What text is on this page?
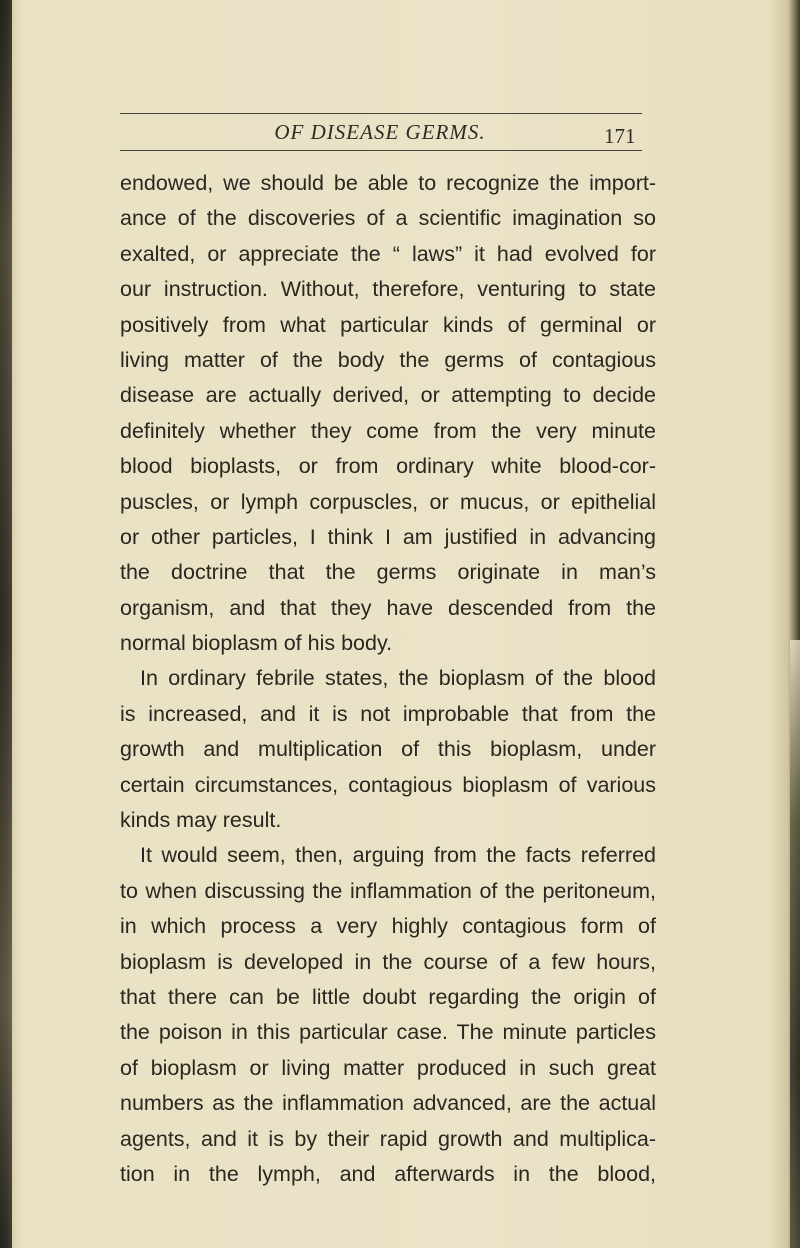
OF DISEASE GERMS.	171
endowed, we should be able to recognize the import-
ance of the discoveries of a scientific imagination so
exalted, or appreciate the “ laws” it had evolved for
our instruction. Without, therefore, venturing to state
positively from what particular kinds of germinal or
living matter of the body the germs of contagious
disease are actually derived, or attempting to decide
definitely whether they come from the very minute
blood bioplasts, or from ordinary white blood-cor-
puscles, or lymph corpuscles, or mucus, or epithelial
or other particles, I think I am justified in advancing
the doctrine that the germs originate in man’s
organism, and that they have descended from the
normal bioplasm of his body.
In ordinary febrile states, the bioplasm of the blood
is increased, and it is not improbable that from the
growth and multiplication of this bioplasm, under
certain circumstances, contagious bioplasm of various
kinds may result.
It would seem, then, arguing from the facts referred
to when discussing the inflammation of the peritoneum,
in which process a very highly contagious form of
bioplasm is developed in the course of a few hours,
that there can be little doubt regarding the origin of
the poison in this particular case. The minute particles
of bioplasm or living matter produced in such great
numbers as the inflammation advanced, are the actual
agents, and it is by their rapid growth and multiplica-
tion in the lymph, and afterwards in the blood,
